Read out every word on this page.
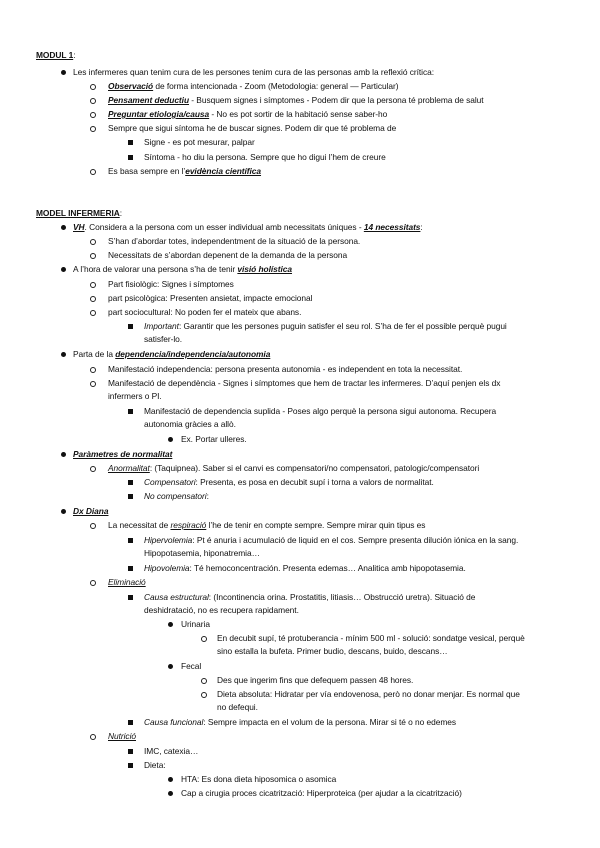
MODUL 1:
Les infermeres quan tenim cura de les persones tenim cura de las personas amb la reflexió crítica:
Observació de forma intencionada - Zoom (Metodologia: general — Particular)
Pensament deductiu - Busquem signes i símptomes - Podem dir que la persona té problema de salut
Preguntar etiologia/causa - No es pot sortir de la habitació sense saber-ho
Sempre que sigui síntoma he de buscar signes. Podem dir que té problema de
Signe - es pot mesurar, palpar
Síntoma - ho diu la persona. Sempre que ho digui l’hem de creure
Es basa sempre en l’evidència científica
MODEL INFERMERIA:
VH. Considera a la persona com un esser individual amb necessitats úniques - 14 necessitats:
S’han d’abordar totes, independentment de la situació de la persona.
Necessitats de s’abordan depenent de la demanda de la persona
A l’hora de valorar una persona s’ha de tenir visió holística
Part fisiològic: Signes i símptomes
part psicològica: Presenten ansietat, impacte emocional
part sociocultural: No poden fer el mateix que abans.
Important: Garantir que les persones puguin satisfer el seu rol. S’ha de fer el possible perquè pugui
satisfer-lo.
Parta de la dependencia/independencia/autonomia
Manifestació independencia: persona presenta autonomia - es independent en tota la necessitat.
Manifestació de dependència - Signes i símptomes que hem de tractar les infermeres. D’aquí penjen els dx
infermers o PI.
Manifestació de dependencia suplida - Poses algo perquè la persona sigui autonoma. Recupera
autonomia gràcies a allò.
Ex. Portar ulleres.
Paràmetres de normalitat
Anormalitat: (Taquipnea). Saber si el canvi es compensatori/no compensatori, patologic/compensatori
Compensatori: Presenta, es posa en decubit supí i torna a valors de normalitat.
No compensatori:
Dx Diana
La necessitat de respiració l’he de tenir en compte sempre. Sempre mirar quin tipus es
Hipervolemia: Pt é anuria i acumulació de liquid en el cos. Sempre presenta dilución iónica en la sang.
Hipopotasemia, hiponatremia…
Hipovolemia: Té hemoconcentración. Presenta edemas… Analitica amb hipopotasemia.
Eliminació
Causa estructural: (Incontinencia orina. Prostatitis, litiasis… Obstrucció uretra). Situació de
deshidratació, no es recupera rapidament.
Urinaria
En decubit supí, té protuberancia - mínim 500 ml - solució: sondatge vesical, perquè
sino estalla la bufeta. Primer budio, descans, buido, descans…
Fecal
Des que ingerim fins que defequem passen 48 hores.
Dieta absoluta: Hidratar per vía endovenosa, però no donar menjar. Es normal que
no defequi.
Causa funcional: Sempre impacta en el volum de la persona. Mirar si té o no edemes
Nutrició
IMC, catexia…
Dieta:
HTA: Es dona dieta hiposomica o asomica
Cap a cirugia proces cicatrització: Hiperproteica (per ajudar a la cicatrització)
